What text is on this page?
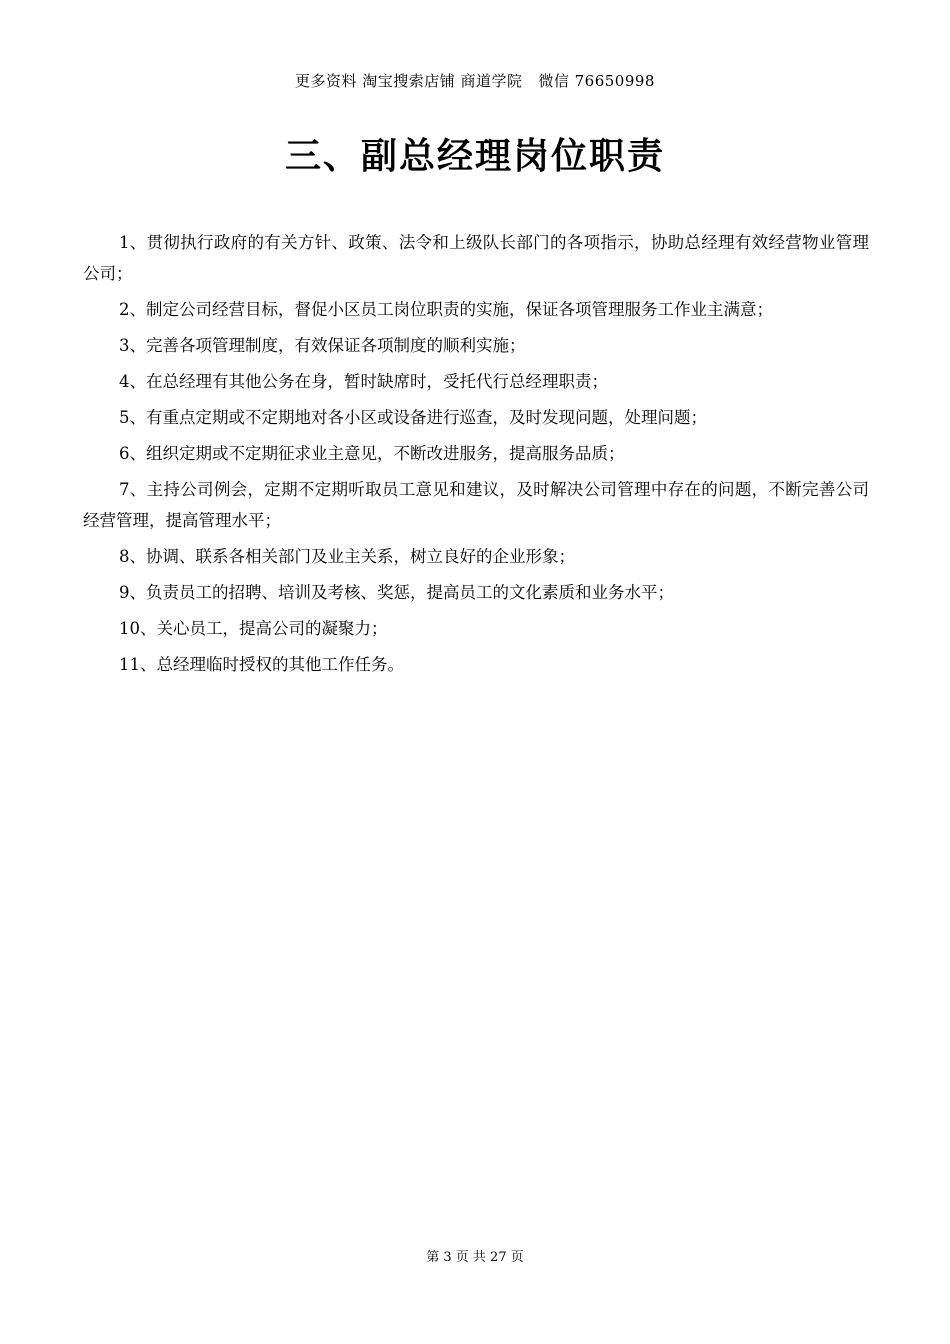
更多资料 淘宝搜索店铺 商道学院   微信 76650998
三、副总经理岗位职责

1、贯彻执行政府的有关方针、政策、法令和上级队长部门的各项指示，协助总经理有效经营物业管理公司；

2、制定公司经营目标，督促小区员工岗位职责的实施，保证各项管理服务工作业主满意；

3、完善各项管理制度，有效保证各项制度的顺利实施；

4、在总经理有其他公务在身，暂时缺席时，受托代行总经理职责；

5、有重点定期或不定期地对各小区或设备进行巡查，及时发现问题，处理问题；

6、组织定期或不定期征求业主意见，不断改进服务，提高服务品质；

7、主持公司例会，定期不定期听取员工意见和建议，及时解决公司管理中存在的问题，不断完善公司经营管理，提高管理水平；

8、协调、联系各相关部门及业主关系，树立良好的企业形象；

9、负责员工的招聘、培训及考核、奖惩，提高员工的文化素质和业务水平；

10、关心员工，提高公司的凝聚力；

11、总经理临时授权的其他工作任务。

第 3 页 共 27 页
